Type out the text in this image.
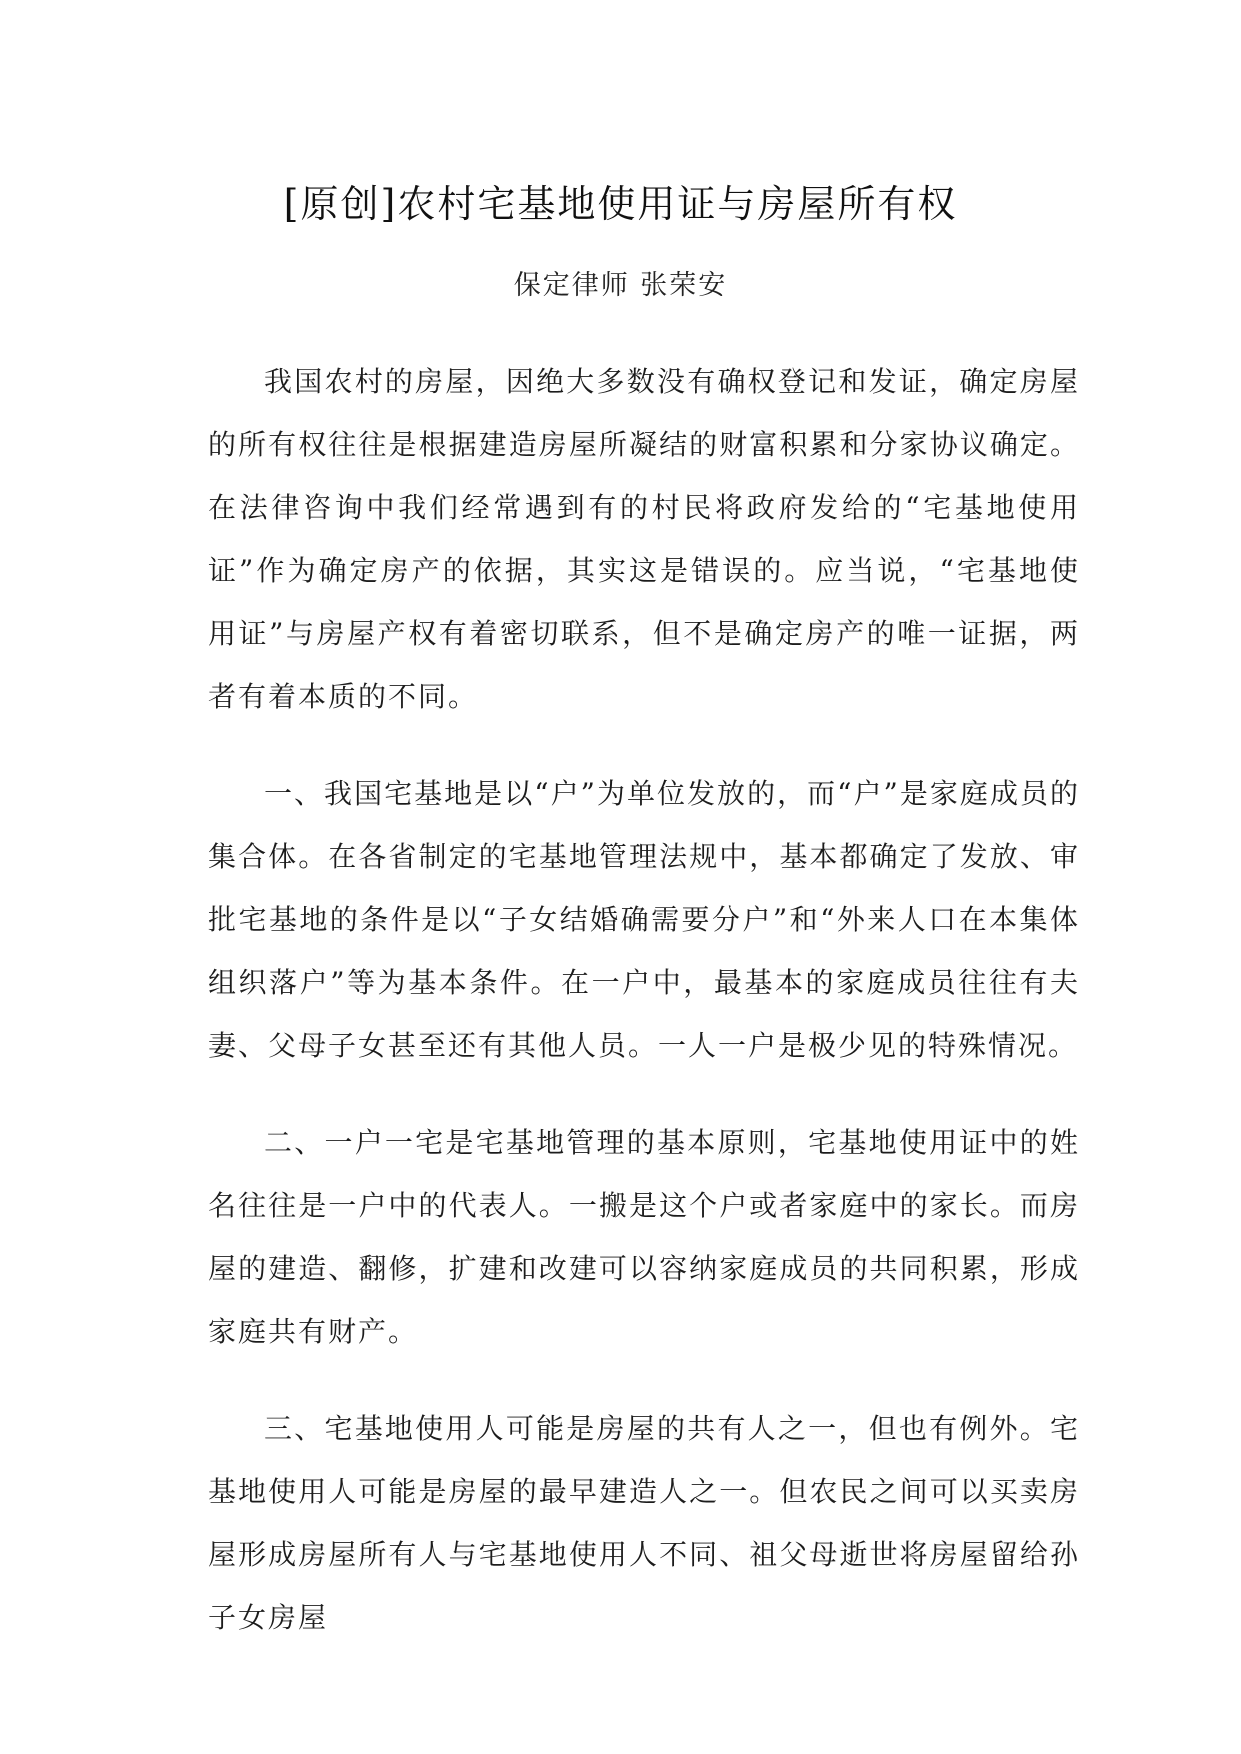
[原创]农村宅基地使用证与房屋所有权
保定律师 张荣安

我国农村的房屋，因绝大多数没有确权登记和发证，确定房屋的所有权往往是根据建造房屋所凝结的财富积累和分家协议确定。在法律咨询中我们经常遇到有的村民将政府发给的“宅基地使用证”作为确定房产的依据，其实这是错误的。应当说，“宅基地使用证”与房屋产权有着密切联系，但不是确定房产的唯一证据，两者有着本质的不同。

一、我国宅基地是以“户”为单位发放的，而“户”是家庭成员的集合体。在各省制定的宅基地管理法规中，基本都确定了发放、审批宅基地的条件是以“子女结婚确需要分户”和“外来人口在本集体组织落户”等为基本条件。在一户中，最基本的家庭成员往往有夫妻、父母子女甚至还有其他人员。一人一户是极少见的特殊情况。

二、一户一宅是宅基地管理的基本原则，宅基地使用证中的姓名往往是一户中的代表人。一搬是这个户或者家庭中的家长。而房屋的建造、翻修，扩建和改建可以容纳家庭成员的共同积累，形成家庭共有财产。

三、宅基地使用人可能是房屋的共有人之一，但也有例外。宅基地使用人可能是房屋的最早建造人之一。但农民之间可以买卖房屋形成房屋所有人与宅基地使用人不同、祖父母逝世将房屋留给孙子女房屋
